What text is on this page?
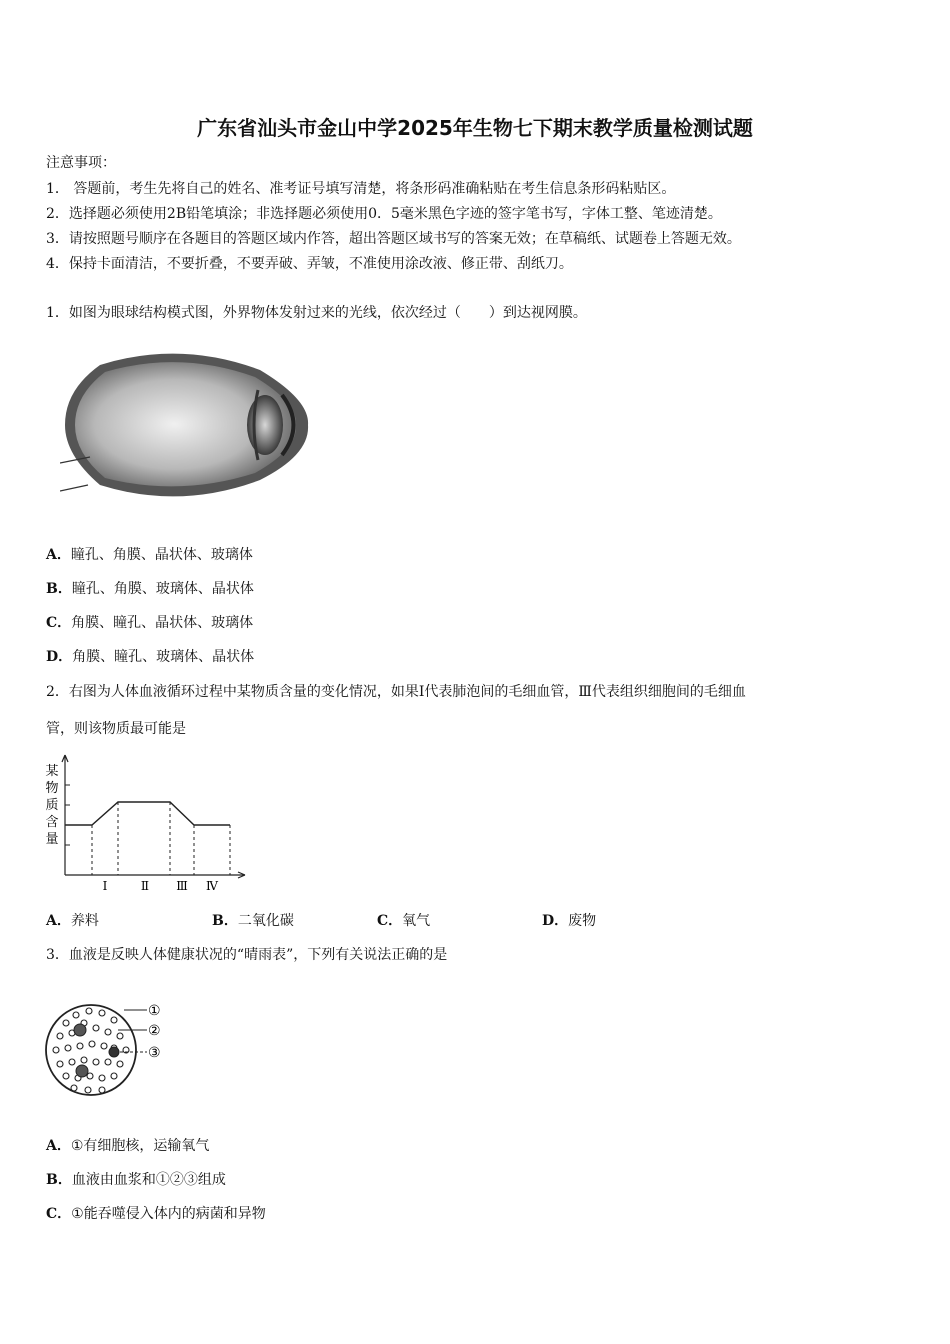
广东省汕头市金山中学2025年生物七下期末教学质量检测试题
注意事项：
1． 答题前，考生先将自己的姓名、准考证号填写清楚，将条形码准确粘贴在考生信息条形码粘贴区。
2．选择题必须使用2B铅笔填涂；非选择题必须使用0．5毫米黑色字迹的签字笔书写，字体工整、笔迹清楚。
3．请按照题号顺序在各题目的答题区域内作答，超出答题区域书写的答案无效；在草稿纸、试题卷上答题无效。
4．保持卡面清洁，不要折叠，不要弄破、弄皱，不准使用涂改液、修正带、刮纸刀。
1．如图为眼球结构模式图，外界物体发射过来的光线，依次经过（　　）到达视网膜。
A．瞳孔、角膜、晶状体、玻璃体
B．瞳孔、角膜、玻璃体、晶状体
C．角膜、瞳孔、晶状体、玻璃体
D．角膜、瞳孔、玻璃体、晶状体
2．右图为人体血液循环过程中某物质含量的变化情况，如果Ⅰ代表肺泡间的毛细血管，Ⅲ代表组织细胞间的毛细血
管，则该物质最可能是
某
物
质
含
量
Ⅰ	Ⅱ Ⅲ Ⅳ
A．养料	B．二氧化碳	C．氧气	D．废物
3．血液是反映人体健康状况的“晴雨表”，下列有关说法正确的是
①
②
③
A．①有细胞核，运输氧气
B．血液由血浆和①②③组成
C．①能吞噬侵入体内的病菌和异物
